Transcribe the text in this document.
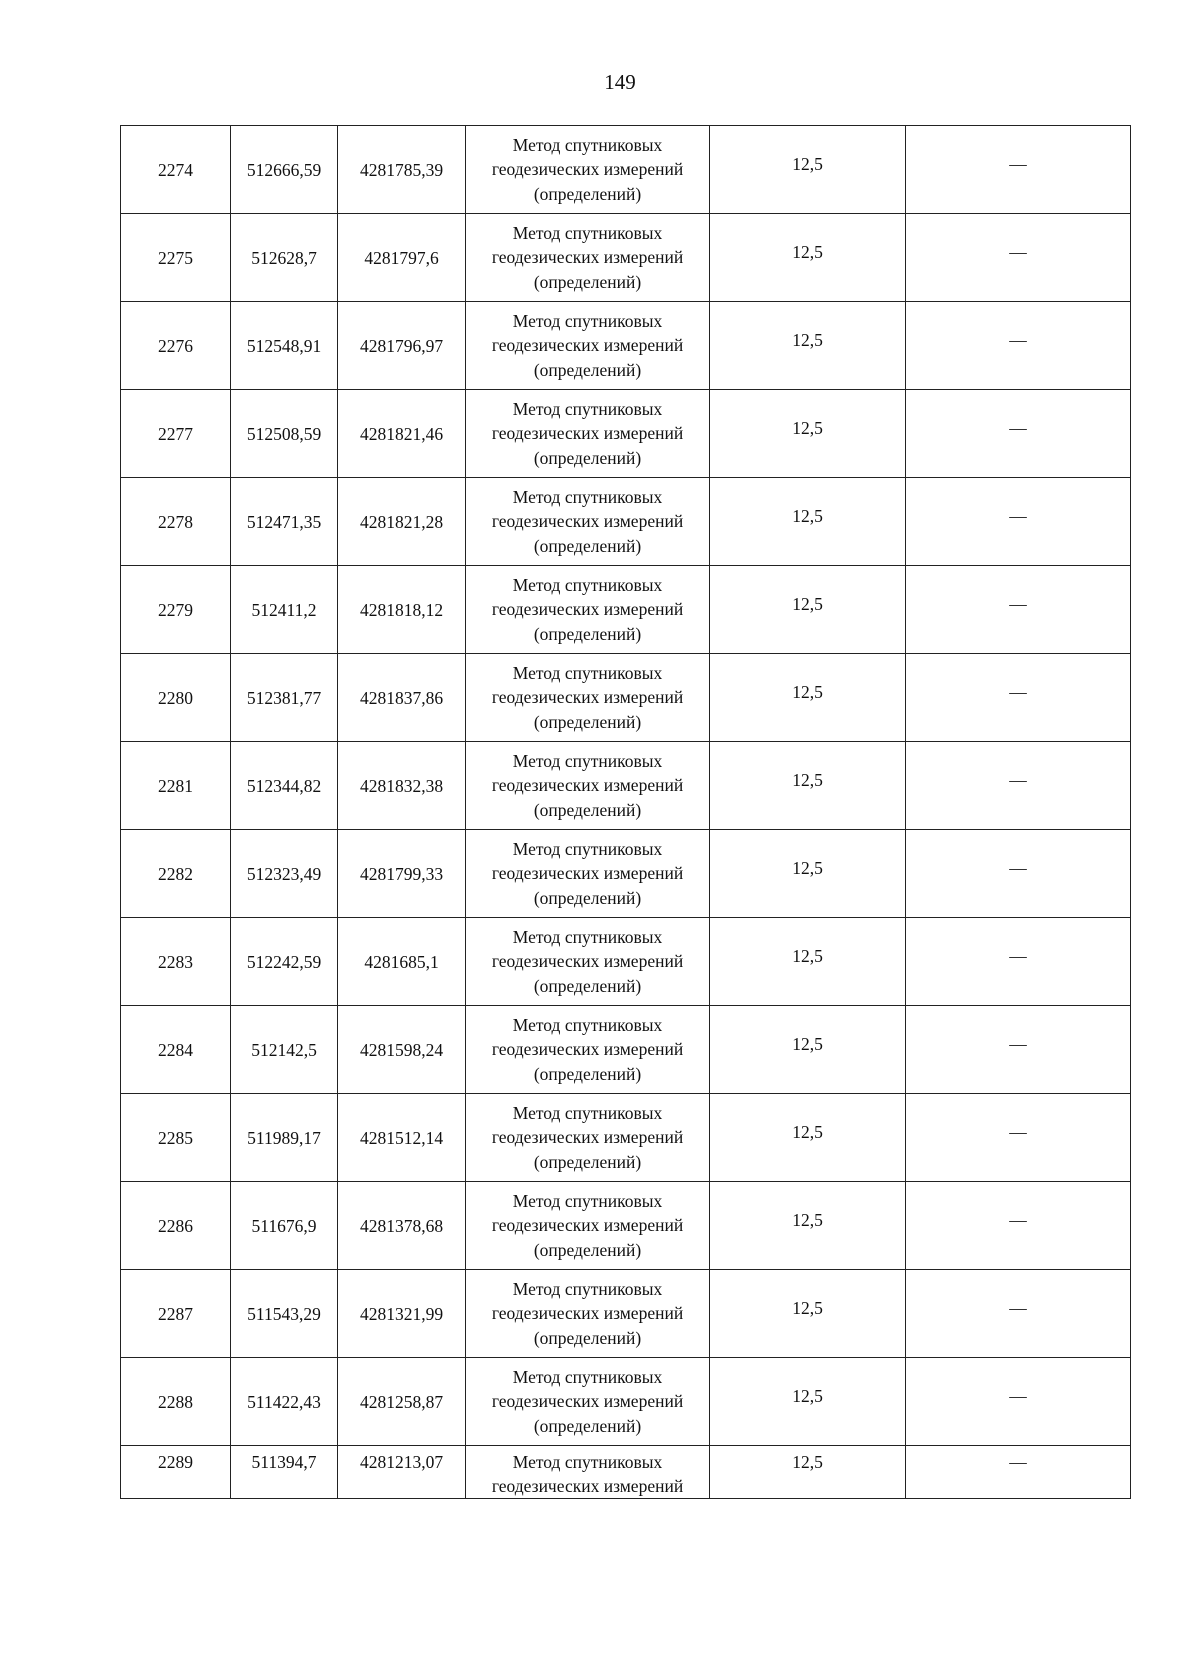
149
2274	512666,59	4281785,39	Метод спутниковых
геодезических измерений
(определений)	12,5	—
2275	512628,7	4281797,6	Метод спутниковых
геодезических измерений
(определений)	12,5	—
2276	512548,91	4281796,97	Метод спутниковых
геодезических измерений
(определений)	12,5	—
2277	512508,59	4281821,46	Метод спутниковых
геодезических измерений
(определений)	12,5	—
2278	512471,35	4281821,28	Метод спутниковых
геодезических измерений
(определений)	12,5	—
2279	512411,2	4281818,12	Метод спутниковых
геодезических измерений
(определений)	12,5	—
2280	512381,77	4281837,86	Метод спутниковых
геодезических измерений
(определений)	12,5	—
2281	512344,82	4281832,38	Метод спутниковых
геодезических измерений
(определений)	12,5	—
2282	512323,49	4281799,33	Метод спутниковых
геодезических измерений
(определений)	12,5	—
2283	512242,59	4281685,1	Метод спутниковых
геодезических измерений
(определений)	12,5	—
2284	512142,5	4281598,24	Метод спутниковых
геодезических измерений
(определений)	12,5	—
2285	511989,17	4281512,14	Метод спутниковых
геодезических измерений
(определений)	12,5	—
2286	511676,9	4281378,68	Метод спутниковых
геодезических измерений
(определений)	12,5	—
2287	511543,29	4281321,99	Метод спутниковых
геодезических измерений
(определений)	12,5	—
2288	511422,43	4281258,87	Метод спутниковых
геодезических измерений
(определений)	12,5	—
2289	511394,7	4281213,07	Метод спутниковых
геодезических измерений	12,5	—
